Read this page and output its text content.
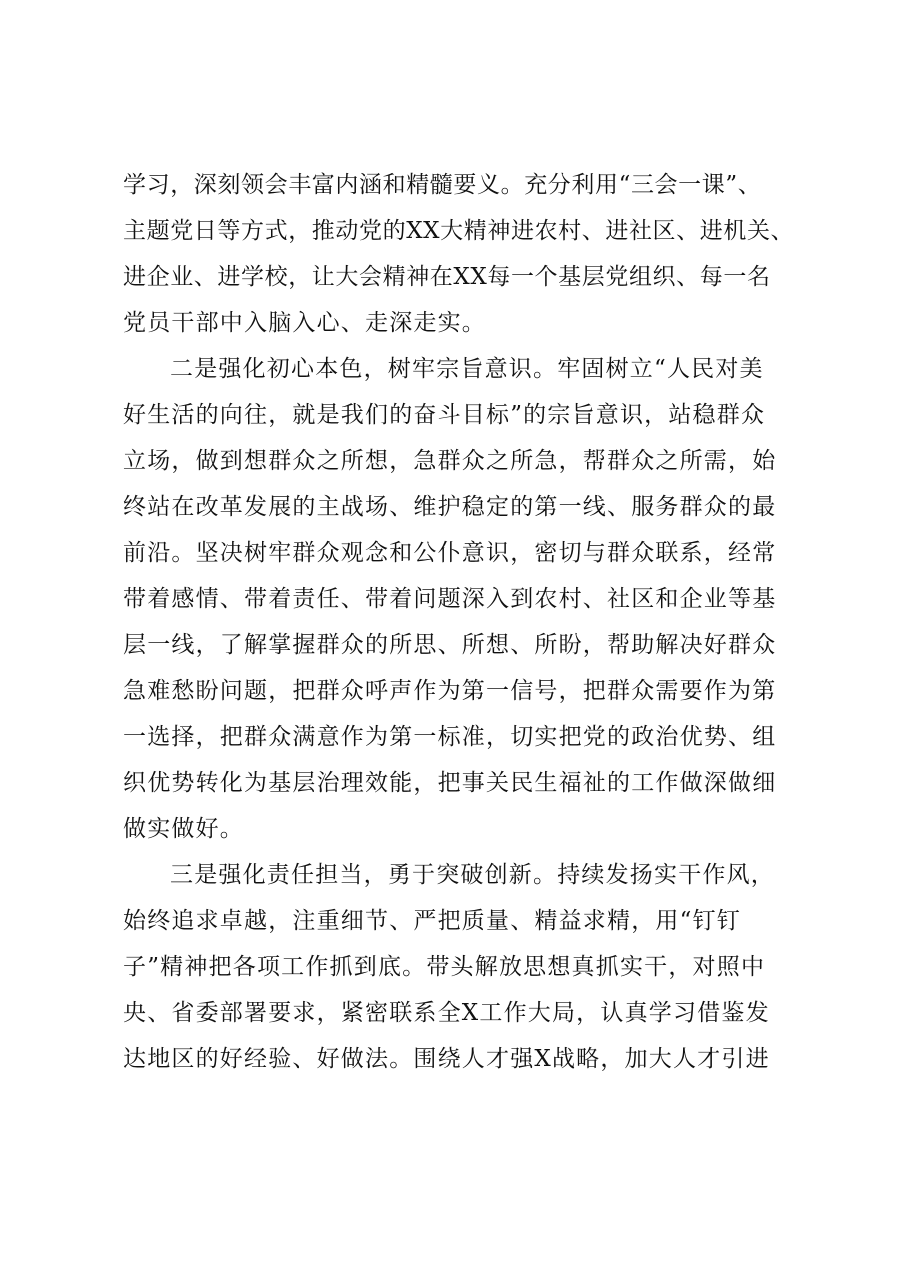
学习，深刻领会丰富内涵和精髓要义。充分利用“三会一课”、
主题党日等方式，推动党的XX大精神进农村、进社区、进机关、
进企业、进学校，让大会精神在XX每一个基层党组织、每一名
党员干部中入脑入心、走深走实。
二是强化初心本色，树牢宗旨意识。牢固树立“人民对美
好生活的向往，就是我们的奋斗目标”的宗旨意识，站稳群众
立场，做到想群众之所想，急群众之所急，帮群众之所需，始
终站在改革发展的主战场、维护稳定的第一线、服务群众的最
前沿。坚决树牢群众观念和公仆意识，密切与群众联系，经常
带着感情、带着责任、带着问题深入到农村、社区和企业等基
层一线，了解掌握群众的所思、所想、所盼，帮助解决好群众
急难愁盼问题，把群众呼声作为第一信号，把群众需要作为第
一选择，把群众满意作为第一标准，切实把党的政治优势、组
织优势转化为基层治理效能，把事关民生福祉的工作做深做细
做实做好。
三是强化责任担当，勇于突破创新。持续发扬实干作风，
始终追求卓越，注重细节、严把质量、精益求精，用“钉钉
子”精神把各项工作抓到底。带头解放思想真抓实干，对照中
央、省委部署要求，紧密联系全X工作大局，认真学习借鉴发
达地区的好经验、好做法。围绕人才强X战略，加大人才引进
